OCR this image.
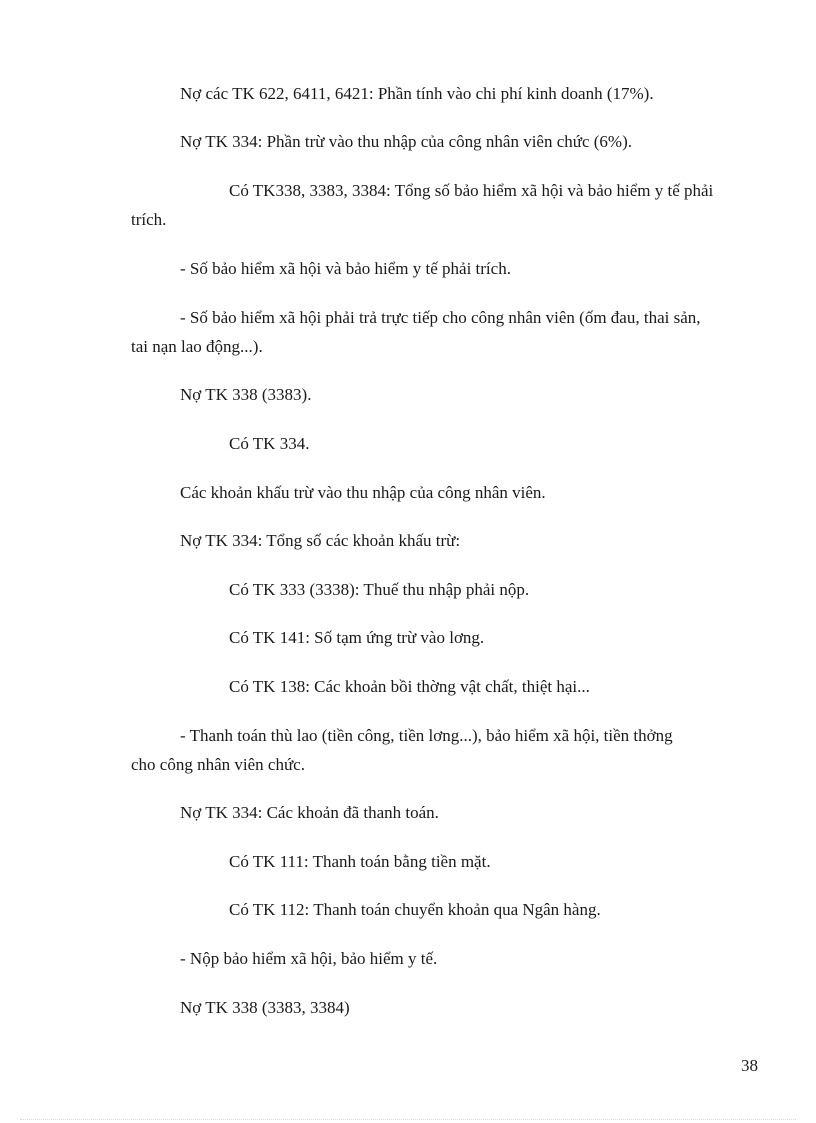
Nợ các TK 622, 6411, 6421: Phần tính vào chi phí kinh doanh (17%).
Nợ TK 334: Phần trừ vào thu nhập của công nhân viên chức (6%).
Có TK338, 3383, 3384: Tổng số bảo hiểm xã hội và bảo hiểm y tế phải
trích.
- Số bảo hiểm xã hội và bảo hiểm y tế phải trích.
- Số bảo hiểm xã hội phải trả trực tiếp cho công nhân viên (ốm đau, thai sản,
tai nạn lao động...).
Nợ TK 338 (3383).
Có TK 334.
Các khoản khấu trừ vào thu nhập của công nhân viên.
Nợ TK 334: Tổng số các khoản khấu trừ:
Có TK 333 (3338): Thuế thu nhập phải nộp.
Có TK 141: Số tạm ứng trừ vào lơng.
Có TK 138: Các khoản bồi thờng vật chất, thiệt hại...
- Thanh toán thù lao (tiền công, tiền lơng...), bảo hiểm xã hội, tiền thởng
cho công nhân viên chức.
Nợ TK 334: Các khoản đã thanh toán.
Có TK 111: Thanh toán bằng tiền mặt.
Có TK 112: Thanh toán chuyển khoản qua Ngân hàng.
- Nộp bảo hiểm xã hội, bảo hiểm y tế.
Nợ TK 338 (3383, 3384)
38
